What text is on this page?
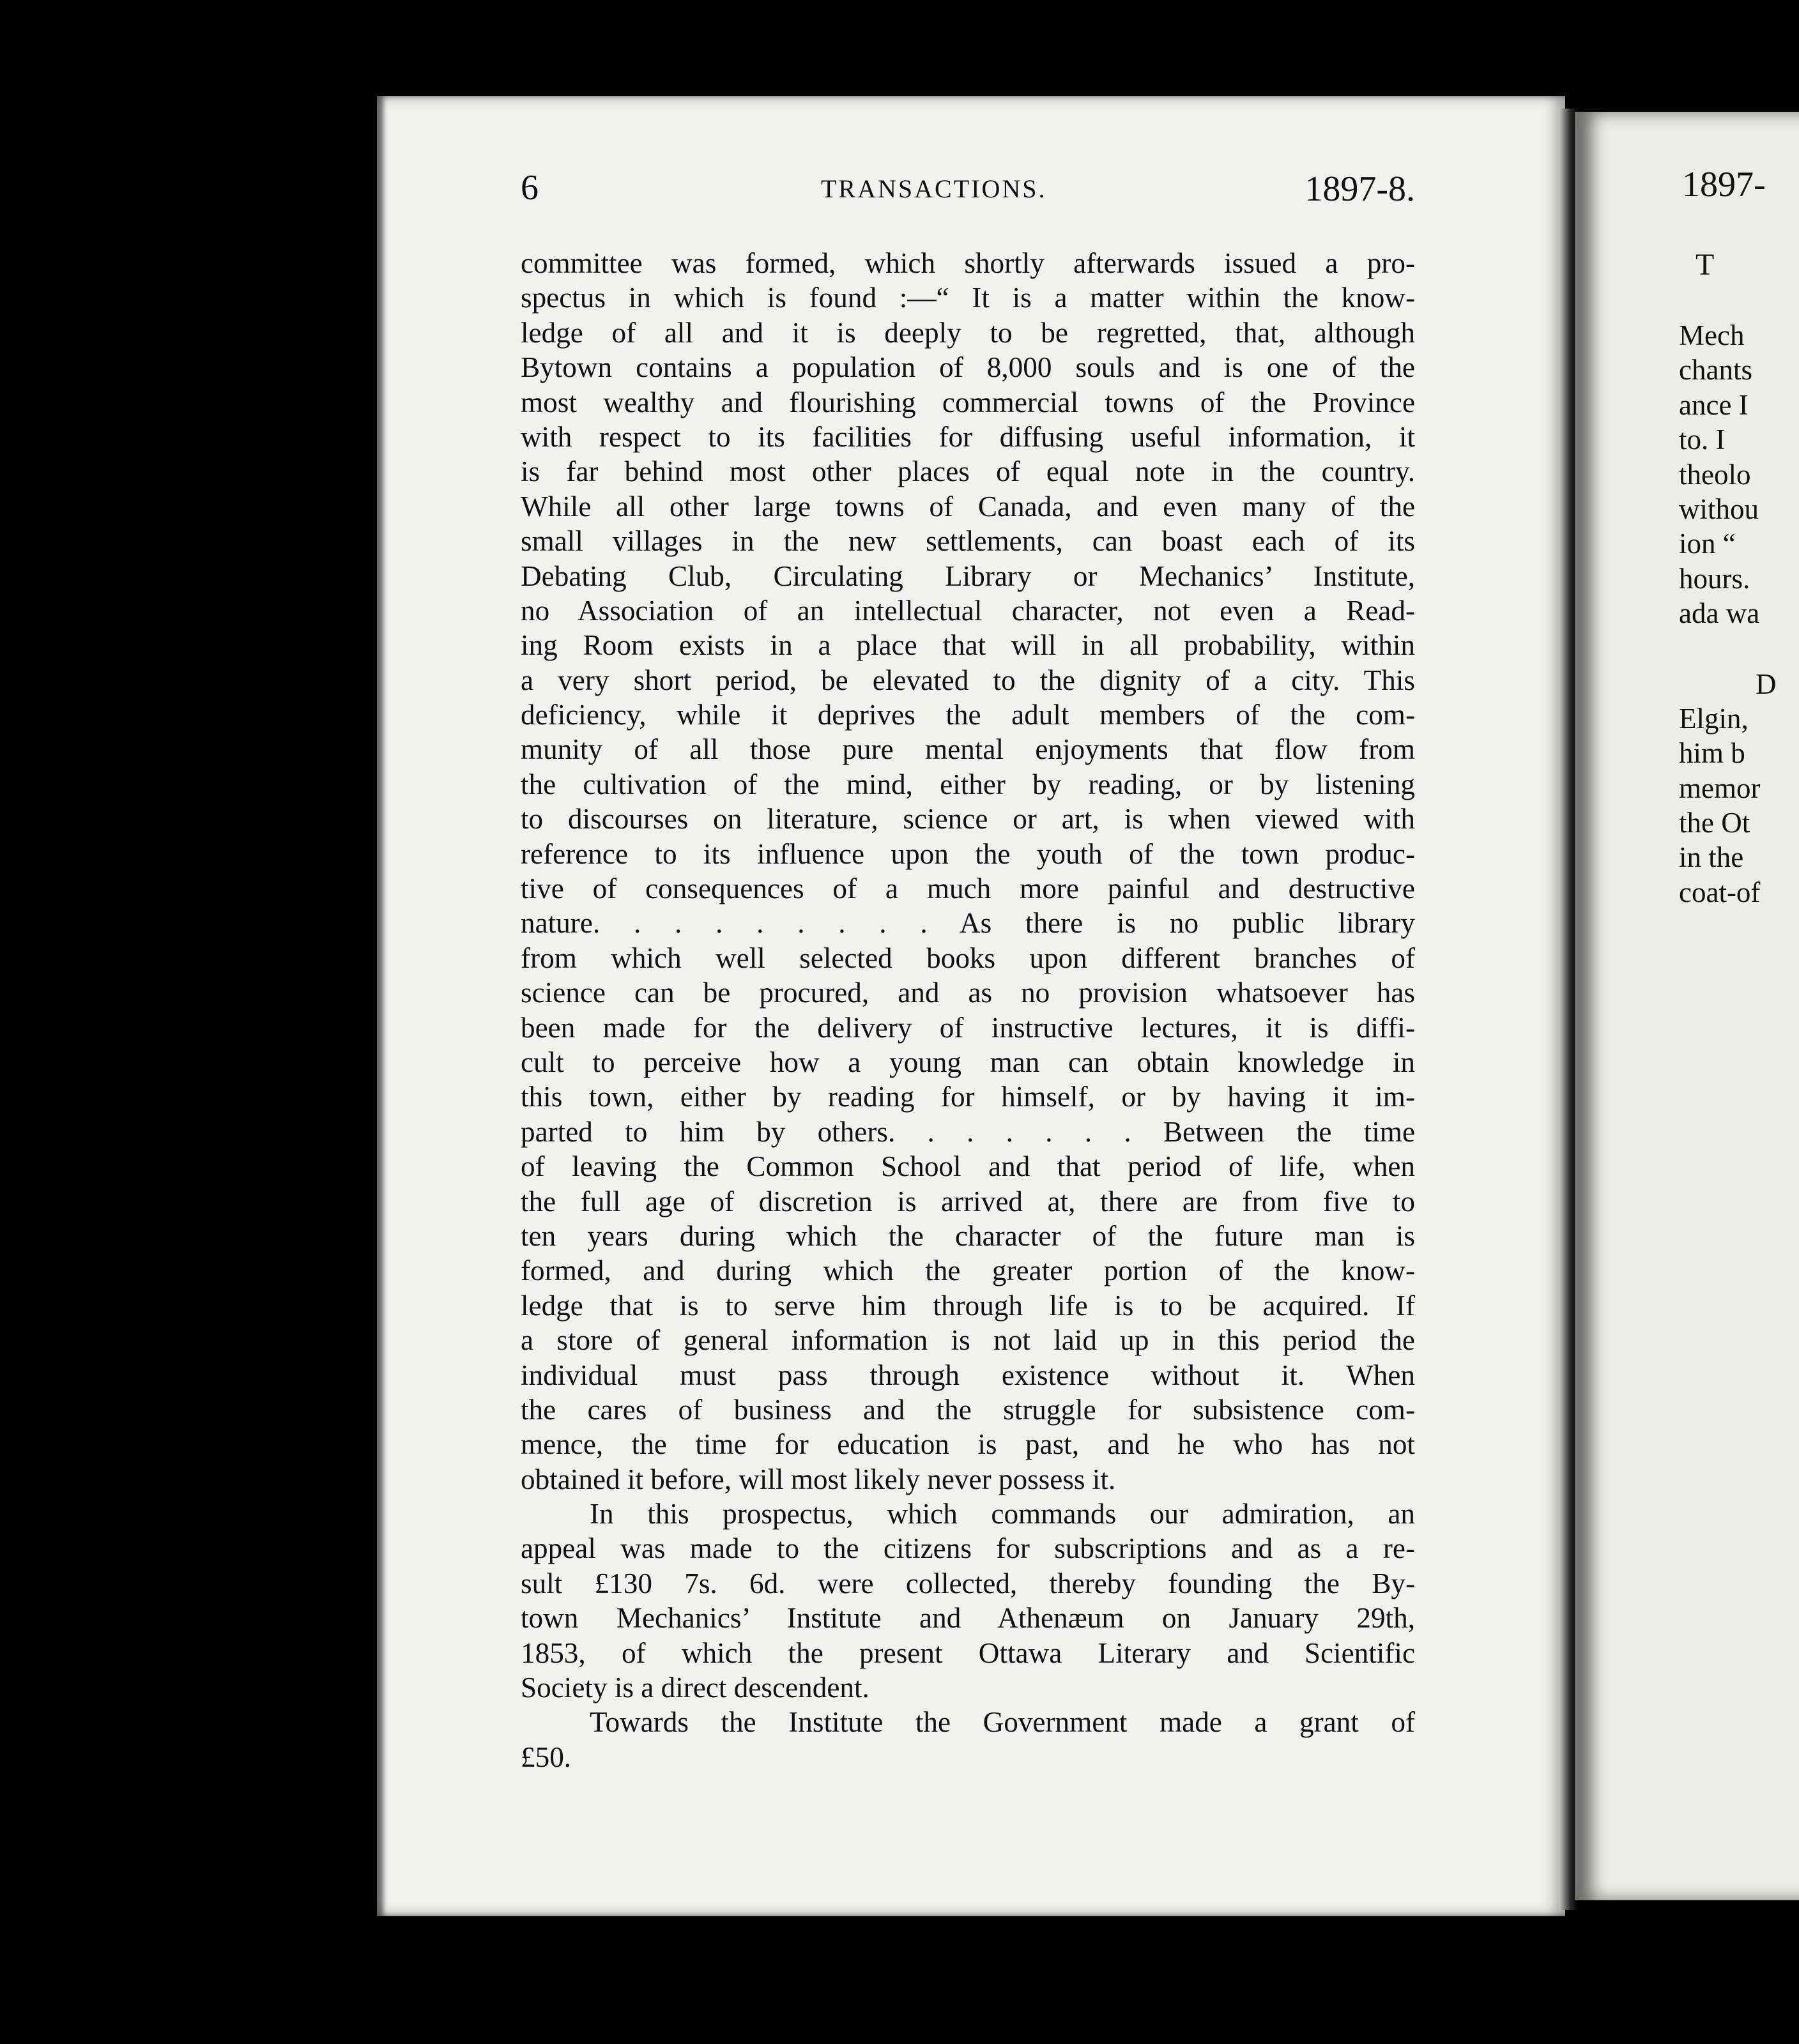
6	TRANSACTIONS.	1897-8.
committee was formed, which shortly afterwards issued a pro-
spectus in which is found :—“ It is a matter within the know-
ledge of all and it is deeply to be regretted, that, although
Bytown contains a population of 8,000 souls and is one of the
most wealthy and flourishing commercial towns of the Province
with respect to its facilities for diffusing useful information, it
is far behind most other places of equal note in the country.
While all other large towns of Canada, and even many of the
small villages in the new settlements, can boast each of its
Debating Club, Circulating Library or Mechanics’ Institute,
no Association of an intellectual character, not even a Read-
ing Room exists in a place that will in all probability, within
a very short period, be elevated to the dignity of a city. This
deficiency, while it deprives the adult members of the com-
munity of all those pure mental enjoyments that flow from
the cultivation of the mind, either by reading, or by listening
to discourses on literature, science or art, is when viewed with
reference to its influence upon the youth of the town produc-
tive of consequences of a much more painful and destructive
nature. . . . . . . . . As there is no public library
from which well selected books upon different branches of
science can be procured, and as no provision whatsoever has
been made for the delivery of instructive lectures, it is diffi-
cult to perceive how a young man can obtain knowledge in
this town, either by reading for himself, or by having it im-
parted to him by others. . . . . . . Between the time
of leaving the Common School and that period of life, when
the full age of discretion is arrived at, there are from five to
ten years during which the character of the future man is
formed, and during which the greater portion of the know-
ledge that is to serve him through life is to be acquired. If
a store of general information is not laid up in this period the
individual must pass through existence without it. When
the cares of business and the struggle for subsistence com-
mence, the time for education is past, and he who has not
obtained it before, will most likely never possess it.
In this prospectus, which commands our admiration, an
appeal was made to the citizens for subscriptions and as a re-
sult £130 7s. 6d. were collected, thereby founding the By-
town Mechanics’ Institute and Athenæum on January 29th,
1853, of which the present Ottawa Literary and Scientific
Society is a direct descendent.
Towards the Institute the Government made a grant of
£50.
1897-
T
Mech
chants
ance I
to. I
theolo
withou
ion “
hours.
ada wa
D
Elgin,
him b
memor
the Ot
in the
coat-of
